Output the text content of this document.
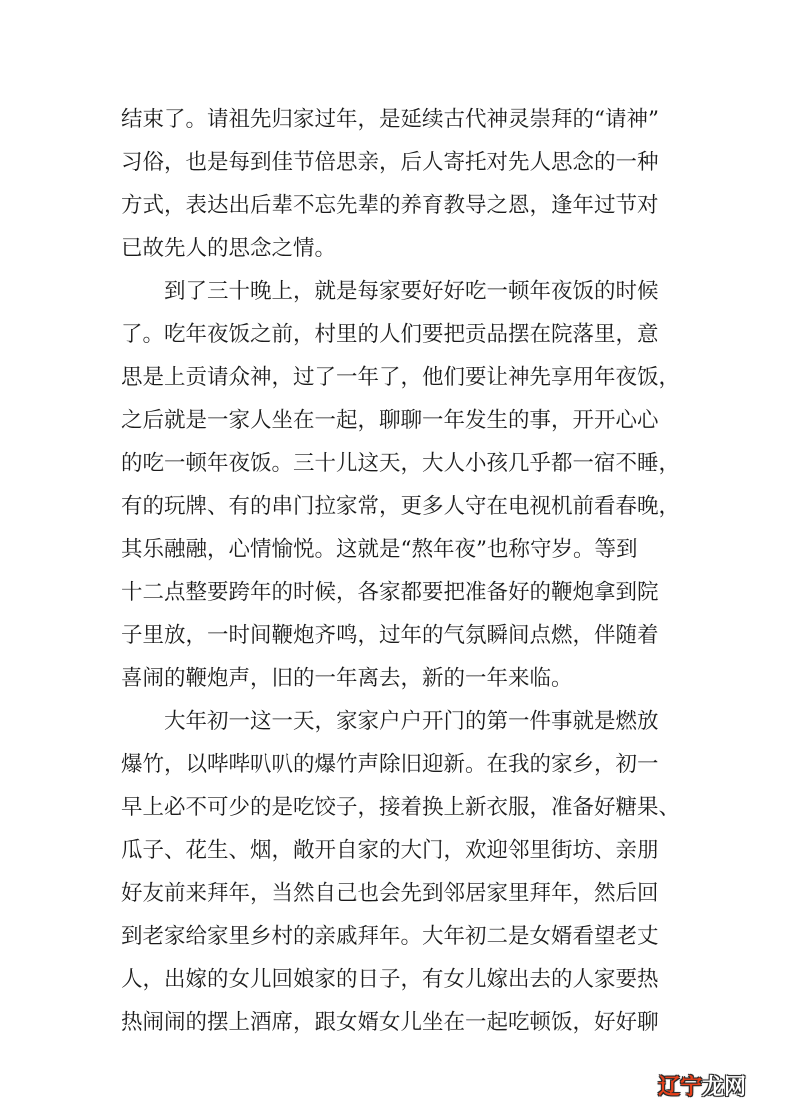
结束了。请祖先归家过年，是延续古代神灵崇拜的“请神”
习俗，也是每到佳节倍思亲，后人寄托对先人思念的一种
方式，表达出后辈不忘先辈的养育教导之恩，逢年过节对
已故先人的思念之情。
到了三十晚上，就是每家要好好吃一顿年夜饭的时候
了。吃年夜饭之前，村里的人们要把贡品摆在院落里，意
思是上贡请众神，过了一年了，他们要让神先享用年夜饭，
之后就是一家人坐在一起，聊聊一年发生的事，开开心心
的吃一顿年夜饭。三十儿这天，大人小孩几乎都一宿不睡，
有的玩牌、有的串门拉家常，更多人守在电视机前看春晚，
其乐融融，心情愉悦。这就是“熬年夜”也称守岁。等到
十二点整要跨年的时候，各家都要把准备好的鞭炮拿到院
子里放，一时间鞭炮齐鸣，过年的气氛瞬间点燃，伴随着
喜闹的鞭炮声，旧的一年离去，新的一年来临。
大年初一这一天，家家户户开门的第一件事就是燃放
爆竹，以哔哔叭叭的爆竹声除旧迎新。在我的家乡，初一
早上必不可少的是吃饺子，接着换上新衣服，准备好糖果、
瓜子、花生、烟，敞开自家的大门，欢迎邻里街坊、亲朋
好友前来拜年，当然自己也会先到邻居家里拜年，然后回
到老家给家里乡村的亲戚拜年。大年初二是女婿看望老丈
人，出嫁的女儿回娘家的日子，有女儿嫁出去的人家要热
热闹闹的摆上酒席，跟女婿女儿坐在一起吃顿饭，好好聊
辽宁龙网
